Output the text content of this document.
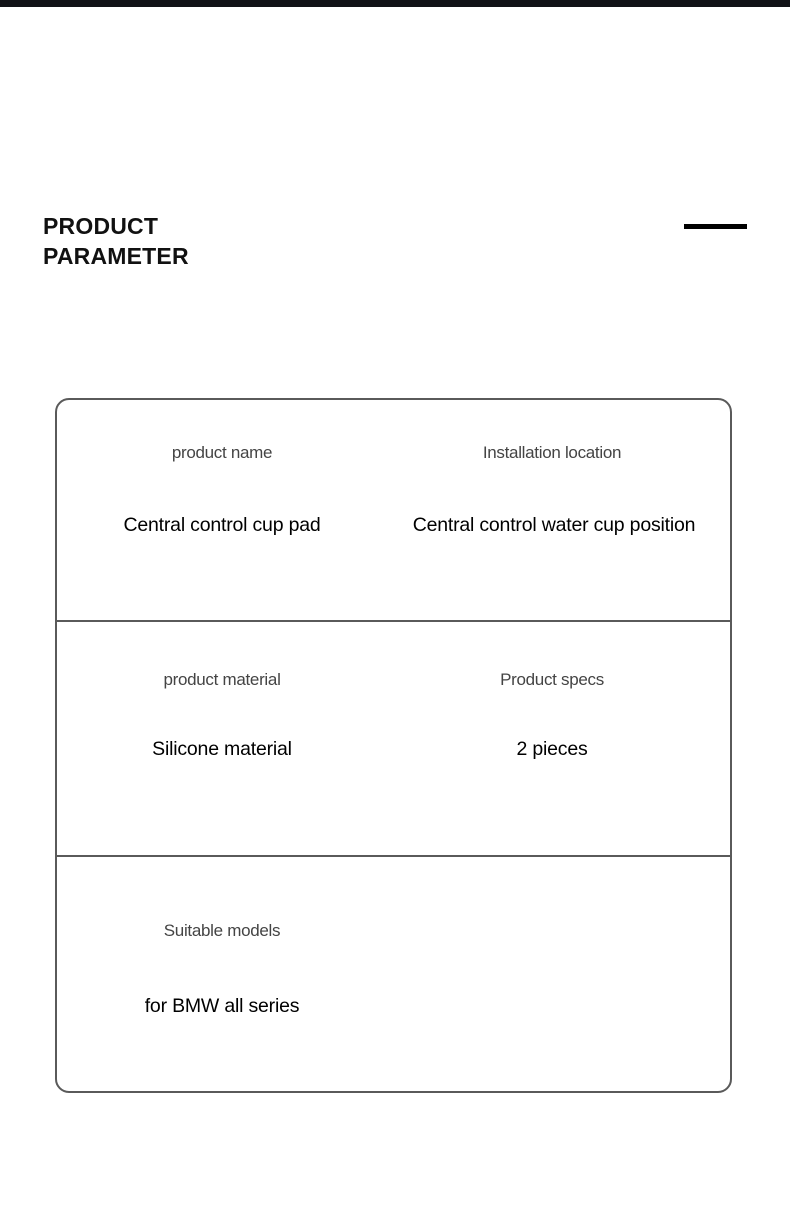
PRODUCT
PARAMETER
product name
Central control cup pad
Installation location
Central control water cup position
product material
Silicone material
Product specs
2 pieces
Suitable models
for BMW all series
